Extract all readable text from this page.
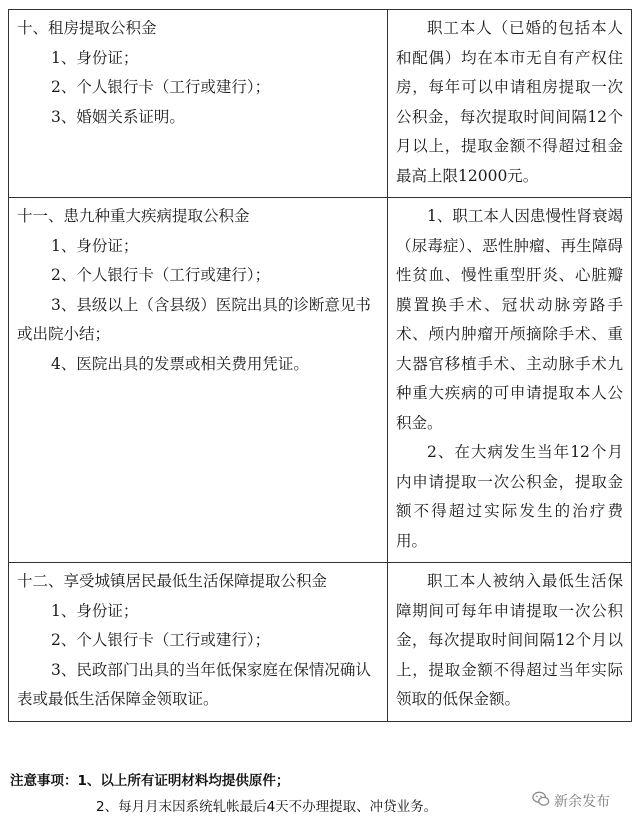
十、租房提取公积金
1、身份证；
2、个人银行卡（工行或建行）；
3、婚姻关系证明。	职工本人（已婚的包括本人和配偶）均在本市无自有产权住房，每年可以申请租房提取一次公积金，每次提取时间间隔12个月以上，提取金额不得超过租金最高上限12000元。

十一、患九种重大疾病提取公积金
1、身份证；
2、个人银行卡（工行或建行）；
3、县级以上（含县级）医院出具的诊断意见书或出院小结；
4、医院出具的发票或相关费用凭证。	1、职工本人因患慢性肾衰竭（尿毒症）、恶性肿瘤、再生障碍性贫血、慢性重型肝炎、心脏瓣膜置换手术、冠状动脉旁路手术、颅内肿瘤开颅摘除手术、重大器官移植手术、主动脉手术九种重大疾病的可申请提取本人公积金。
2、在大病发生当年12个月内申请提取一次公积金，提取金额不得超过实际发生的治疗费用。

十二、享受城镇居民最低生活保障提取公积金
1、身份证；
2、个人银行卡（工行或建行）；
3、民政部门出具的当年低保家庭在保情况确认表或最低生活保障金领取证。	职工本人被纳入最低生活保障期间可每年申请提取一次公积金，每次提取时间间隔12个月以上，提取金额不得超过当年实际领取的低保金额。
注意事项：1、以上所有证明材料均提供原件；
2、每月月末因系统轧帐最后4天不办理提取、冲贷业务。	新余发布
